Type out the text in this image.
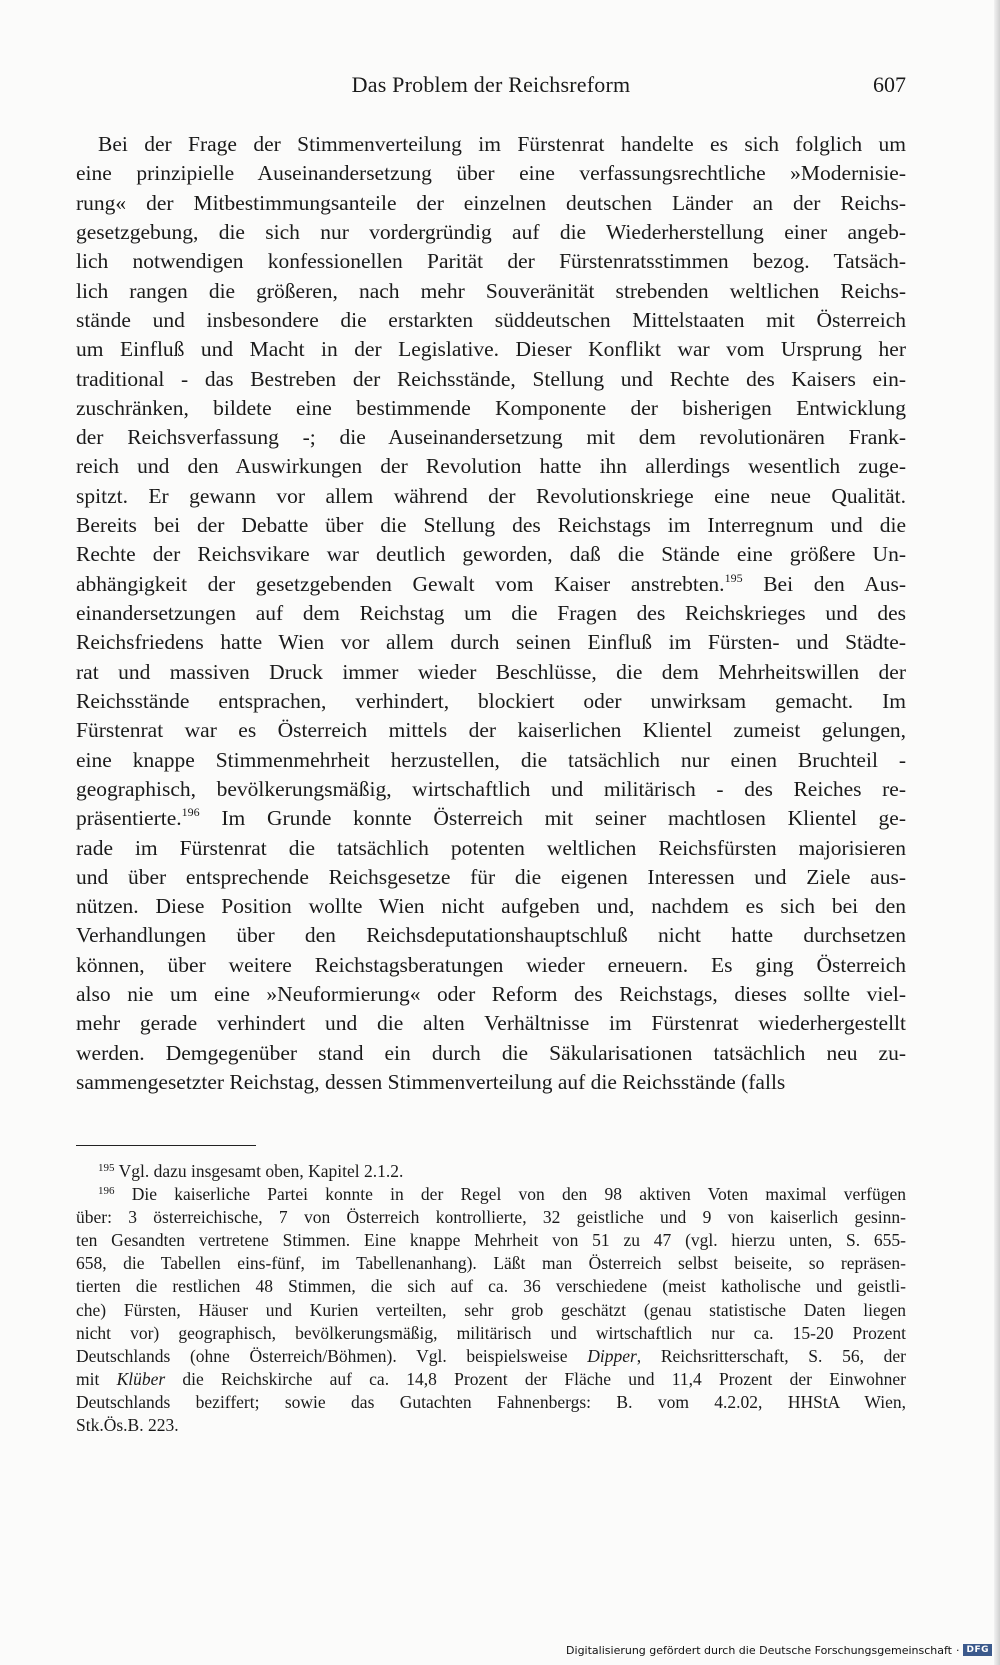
Das Problem der Reichsreform	607
Bei der Frage der Stimmenverteilung im Fürstenrat handelte es sich folglich um
eine prinzipielle Auseinandersetzung über eine verfassungsrechtliche »Modernisie-
rung« der Mitbestimmungsanteile der einzelnen deutschen Länder an der Reichs-
gesetzgebung, die sich nur vordergründig auf die Wiederherstellung einer angeb-
lich notwendigen konfessionellen Parität der Fürstenratsstimmen bezog. Tatsäch-
lich rangen die größeren, nach mehr Souveränität strebenden weltlichen Reichs-
stände und insbesondere die erstarkten süddeutschen Mittelstaaten mit Österreich
um Einfluß und Macht in der Legislative. Dieser Konflikt war vom Ursprung her
traditional - das Bestreben der Reichsstände, Stellung und Rechte des Kaisers ein-
zuschränken, bildete eine bestimmende Komponente der bisherigen Entwicklung
der Reichsverfassung -; die Auseinandersetzung mit dem revolutionären Frank-
reich und den Auswirkungen der Revolution hatte ihn allerdings wesentlich zuge-
spitzt. Er gewann vor allem während der Revolutionskriege eine neue Qualität.
Bereits bei der Debatte über die Stellung des Reichstags im Interregnum und die
Rechte der Reichsvikare war deutlich geworden, daß die Stände eine größere Un-
abhängigkeit der gesetzgebenden Gewalt vom Kaiser anstrebten.$^{195}$ Bei den Aus-
einandersetzungen auf dem Reichstag um die Fragen des Reichskrieges und des
Reichsfriedens hatte Wien vor allem durch seinen Einfluß im Fürsten- und Städte-
rat und massiven Druck immer wieder Beschlüsse, die dem Mehrheitswillen der
Reichsstände entsprachen, verhindert, blockiert oder unwirksam gemacht. Im
Fürstenrat war es Österreich mittels der kaiserlichen Klientel zumeist gelungen,
eine knappe Stimmenmehrheit herzustellen, die tatsächlich nur einen Bruchteil -
geographisch, bevölkerungsmäßig, wirtschaftlich und militärisch - des Reiches re-
präsentierte.$^{196}$ Im Grunde konnte Österreich mit seiner machtlosen Klientel ge-
rade im Fürstenrat die tatsächlich potenten weltlichen Reichsfürsten majorisieren
und über entsprechende Reichsgesetze für die eigenen Interessen und Ziele aus-
nützen. Diese Position wollte Wien nicht aufgeben und, nachdem es sich bei den
Verhandlungen über den Reichsdeputationshauptschluß nicht hatte durchsetzen
können, über weitere Reichstagsberatungen wieder erneuern. Es ging Österreich
also nie um eine »Neuformierung« oder Reform des Reichstags, dieses sollte viel-
mehr gerade verhindert und die alten Verhältnisse im Fürstenrat wiederhergestellt
werden. Demgegenüber stand ein durch die Säkularisationen tatsächlich neu zu-
sammengesetzter Reichstag, dessen Stimmenverteilung auf die Reichsstände (falls
$^{195}$ Vgl. dazu insgesamt oben, Kapitel 2.1.2.
$^{196}$ Die kaiserliche Partei konnte in der Regel von den 98 aktiven Voten maximal verfügen
über: 3 österreichische, 7 von Österreich kontrollierte, 32 geistliche und 9 von kaiserlich gesinn-
ten Gesandten vertretene Stimmen. Eine knappe Mehrheit von 51 zu 47 (vgl. hierzu unten, S. 655-
658, die Tabellen eins-fünf, im Tabellenanhang). Läßt man Österreich selbst beiseite, so repräsen-
tierten die restlichen 48 Stimmen, die sich auf ca. 36 verschiedene (meist katholische und geistli-
che) Fürsten, Häuser und Kurien verteilten, sehr grob geschätzt (genau statistische Daten liegen
nicht vor) geographisch, bevölkerungsmäßig, militärisch und wirtschaftlich nur ca. 15-20 Prozent
Deutschlands (ohne Österreich/Böhmen). Vgl. beispielsweise Dipper, Reichsritterschaft, S. 56, der
mit Klüber die Reichskirche auf ca. 14,8 Prozent der Fläche und 11,4 Prozent der Einwohner
Deutschlands beziffert; sowie das Gutachten Fahnenbergs: B. vom 4.2.02, HHStA Wien,
Stk.Ös.B. 223.
Digitalisierung gefördert durch die Deutsche Forschungsgemeinschaft · DFG
